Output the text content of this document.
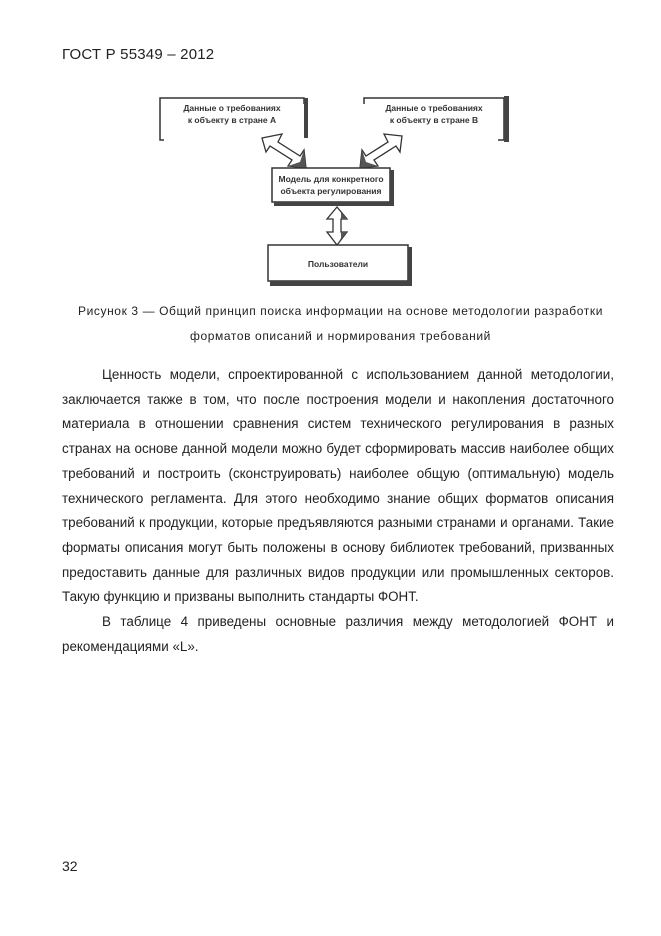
ГОСТ Р 55349 – 2012
Данные о требованиях
к объекту в стране А
Данные о требованиях
к объекту в стране В
Модель для конкретного
объекта регулирования
Пользователи
Рисунок 3 — Общий принцип поиска информации на основе методологии разработки
форматов описаний и нормирования требований

Ценность модели, спроектированной с использованием данной методологии, заключается также в том, что после построения модели и накопления достаточного материала в отношении сравнения систем технического регулирования в разных странах на основе данной модели можно будет сформировать массив наиболее общих требований и построить (сконструировать) наиболее общую (оптимальную) модель технического регламента. Для этого необходимо знание общих форматов описания требований к продукции, которые предъявляются разными странами и органами. Такие форматы описания могут быть положены в основу библиотек требований, призванных предоставить данные для различных видов продукции или промышленных секторов. Такую функцию и призваны выполнить стандарты ФОНТ.

В таблице 4 приведены основные различия между методологией ФОНТ и рекомендациями «L».

32
